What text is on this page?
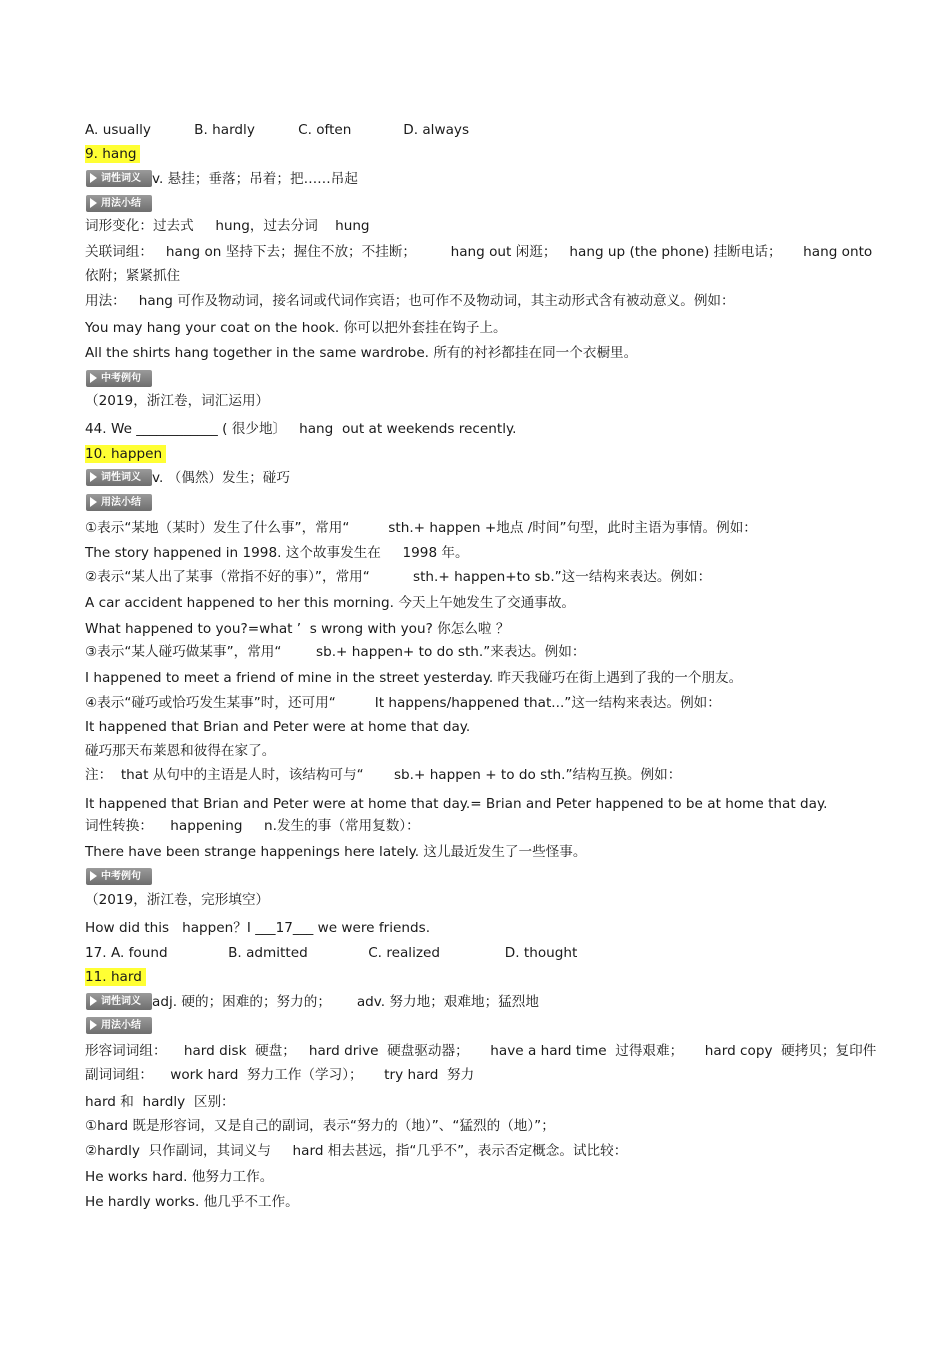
A. usually          B. hardly          C. often            D. always
9. hang
词性词义 v. 悬挂；垂落；吊着；把……吊起
用法小结
词形变化：过去式     hung，过去分词    hung
关联词组：   hang on 坚持下去；握住不放；不挂断；        hang out 闲逛；   hang up (the phone) 挂断电话；     hang onto
依附；紧紧抓住
用法：   hang 可作及物动词，接名词或代词作宾语；也可作不及物动词，其主动形式含有被动意义。例如：
You may hang your coat on the hook. 你可以把外套挂在钩子上。
All the shirts hang together in the same wardrobe. 所有的衬衫都挂在同一个衣橱里。
中考例句
（2019，浙江卷，词汇运用）
44. We ____________ ( 很少地〕   hang  out at weekends recently.
10. happen
词性词义 v. （偶然）发生；碰巧
用法小结
①表示“某地（某时）发生了什么事”，常用“         sth.+ happen +地点 /时间”句型，此时主语为事情。例如：
The story happened in 1998. 这个故事发生在     1998 年。
②表示“某人出了某事（常指不好的事）”，常用“          sth.+ happen+to sb.”这一结构来表达。例如：
A car accident happened to her this morning. 今天上午她发生了交通事故。
What happened to you?=what ’  s wrong with you? 你怎么啦 ？
③表示“某人碰巧做某事”，常用“        sb.+ happen+ to do sth.”来表达。例如：
I happened to meet a friend of mine in the street yesterday. 昨天我碰巧在街上遇到了我的一个朋友。
④表示“碰巧或恰巧发生某事”时，还可用“         It happens/happened that...”这一结构来表达。例如：
It happened that Brian and Peter were at home that day.
碰巧那天布莱恩和彼得在家了。
注：  that 从句中的主语是人时，该结构可与“       sb.+ happen + to do sth.”结构互换。例如：
It happened that Brian and Peter were at home that day.= Brian and Peter happened to be at home that day.
词性转换：    happening     n.发生的事（常用复数）：
There have been strange happenings here lately. 这儿最近发生了一些怪事。
中考例句
（2019，浙江卷，完形填空）
How did this   happen？I ___17___ we were friends.
17. A. found              B. admitted              C. realized               D. thought
11. hard
词性词义 adj. 硬的；困难的；努力的；      adv. 努力地；艰难地；猛烈地
用法小结
形容词词组：    hard disk  硬盘；   hard drive  硬盘驱动器；     have a hard time  过得艰难；     hard copy  硬拷贝；复印件
副词词组：    work hard  努力工作（学习）；     try hard  努力
hard 和  hardly  区别：
①hard 既是形容词，又是自己的副词，表示“努力的（地）”、“猛烈的（地）”；
②hardly  只作副词，其词义与     hard 相去甚远，指“几乎不”，表示否定概念。试比较：
He works hard. 他努力工作。
He hardly works. 他几乎不工作。
